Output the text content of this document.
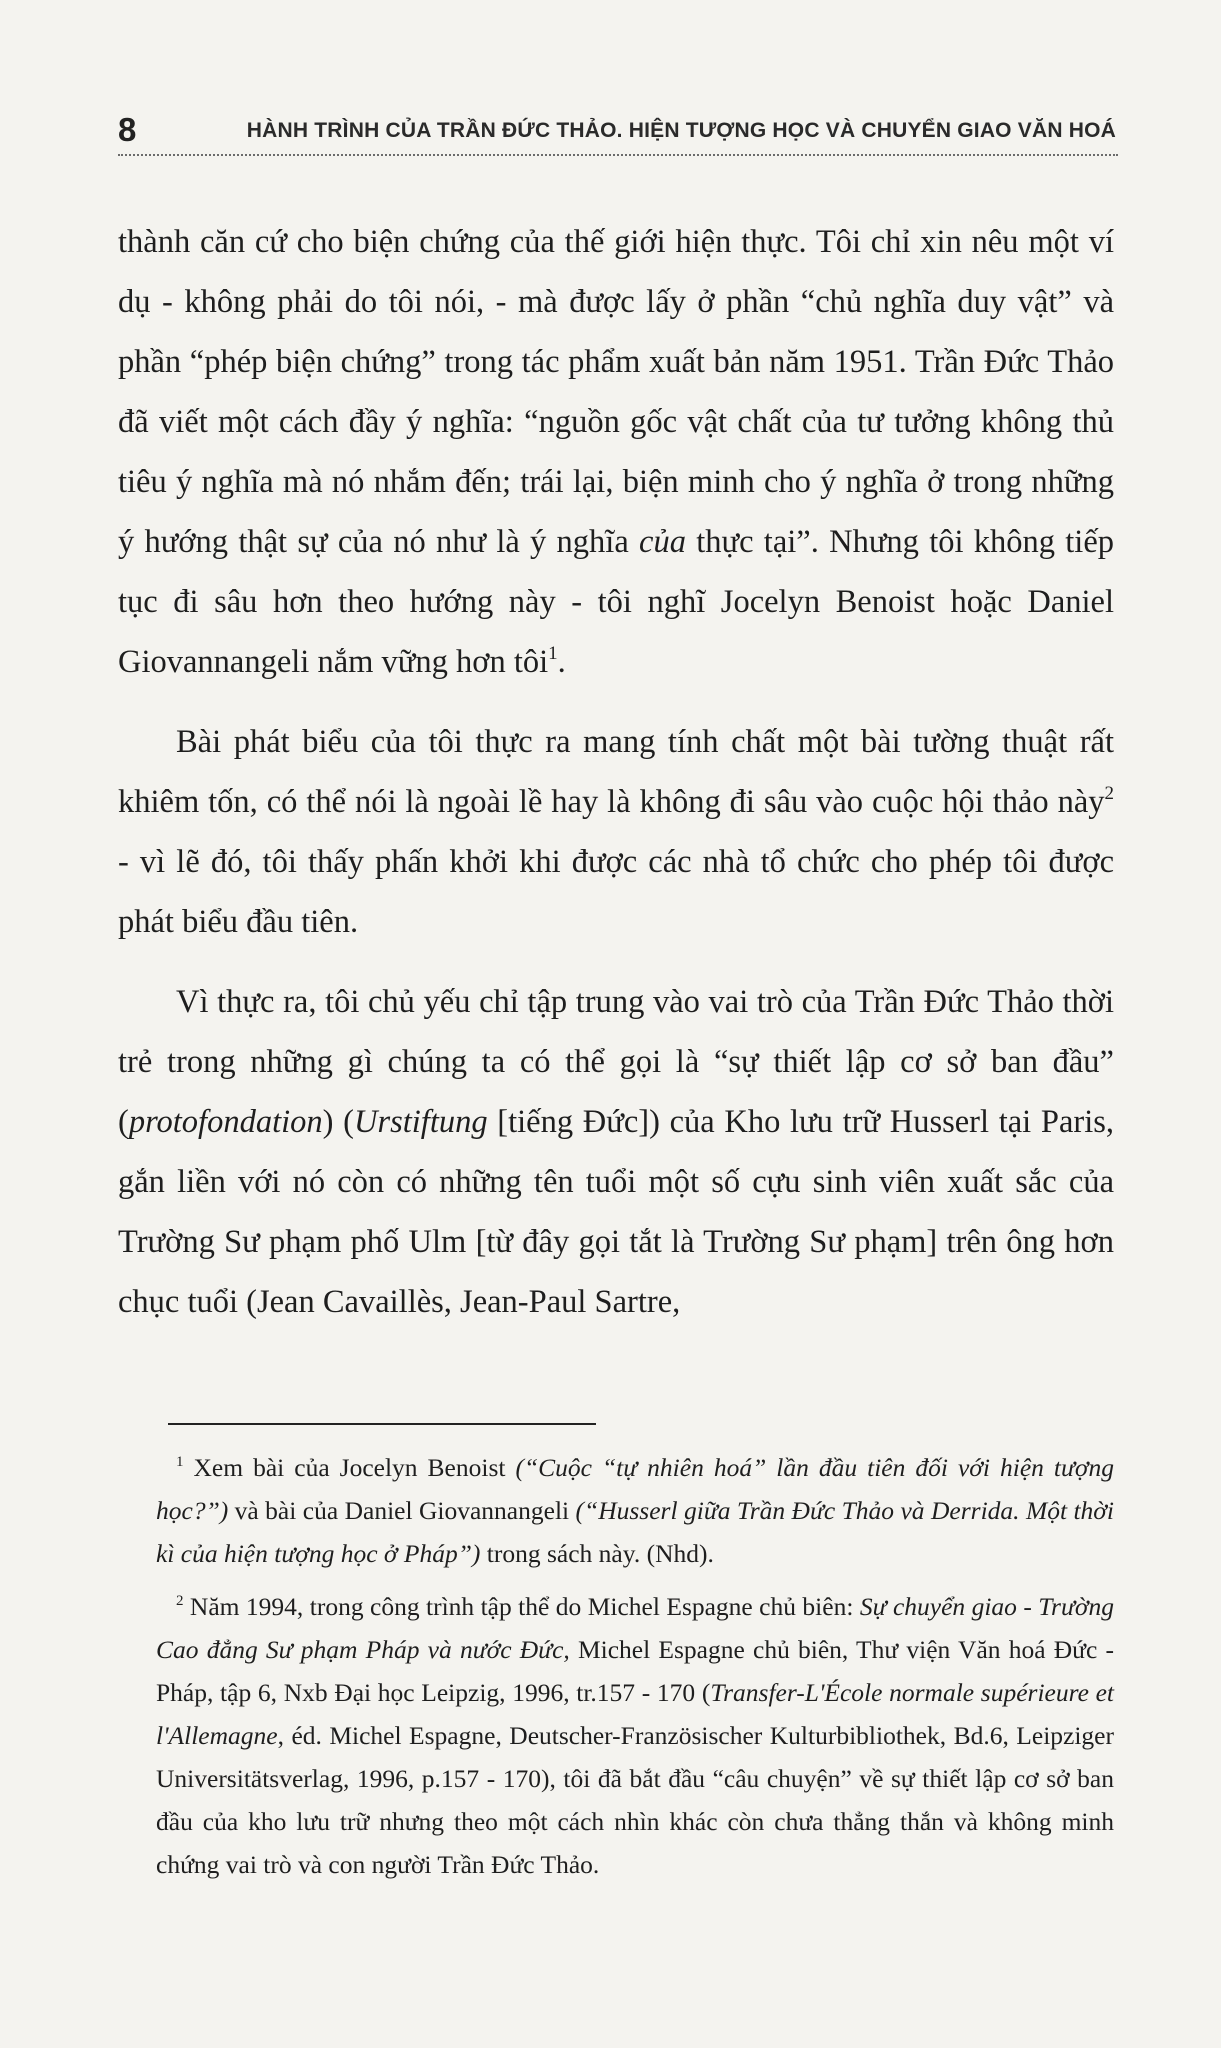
8	HÀNH TRÌNH CỦA TRẦN ĐỨC THẢO. HIỆN TƯỢNG HỌC VÀ CHUYỂN GIAO VĂN HOÁ

thành căn cứ cho biện chứng của thế giới hiện thực. Tôi chỉ xin nêu một ví dụ - không phải do tôi nói, - mà được lấy ở phần “chủ nghĩa duy vật” và phần “phép biện chứng” trong tác phẩm xuất bản năm 1951. Trần Đức Thảo đã viết một cách đầy ý nghĩa: “nguồn gốc vật chất của tư tưởng không thủ tiêu ý nghĩa mà nó nhắm đến; trái lại, biện minh cho ý nghĩa ở trong những ý hướng thật sự của nó như là ý nghĩa của thực tại”. Nhưng tôi không tiếp tục đi sâu hơn theo hướng này - tôi nghĩ Jocelyn Benoist hoặc Daniel Giovannangeli nắm vững hơn tôi$^1$.

Bài phát biểu của tôi thực ra mang tính chất một bài tường thuật rất khiêm tốn, có thể nói là ngoài lề hay là không đi sâu vào cuộc hội thảo này$^2$ - vì lẽ đó, tôi thấy phấn khởi khi được các nhà tổ chức cho phép tôi được phát biểu đầu tiên.

Vì thực ra, tôi chủ yếu chỉ tập trung vào vai trò của Trần Đức Thảo thời trẻ trong những gì chúng ta có thể gọi là “sự thiết lập cơ sở ban đầu” (protofondation) (Urstiftung [tiếng Đức]) của Kho lưu trữ Husserl tại Paris, gắn liền với nó còn có những tên tuổi một số cựu sinh viên xuất sắc của Trường Sư phạm phố Ulm [từ đây gọi tắt là Trường Sư phạm] trên ông hơn chục tuổi (Jean Cavaillès, Jean-Paul Sartre,

$^1$ Xem bài của Jocelyn Benoist (“Cuộc “tự nhiên hoá” lần đầu tiên đối với hiện tượng học?”) và bài của Daniel Giovannangeli (“Husserl giữa Trần Đức Thảo và Derrida. Một thời kì của hiện tượng học ở Pháp”) trong sách này. (Nhd).

$^2$ Năm 1994, trong công trình tập thể do Michel Espagne chủ biên: Sự chuyển giao - Trường Cao đẳng Sư phạm Pháp và nước Đức, Michel Espagne chủ biên, Thư viện Văn hoá Đức - Pháp, tập 6, Nxb Đại học Leipzig, 1996, tr.157 - 170 (Transfer-L'École normale supérieure et l'Allemagne, éd. Michel Espagne, Deutscher-Französischer Kulturbibliothek, Bd.6, Leipziger Universitätsverlag, 1996, p.157 - 170), tôi đã bắt đầu “câu chuyện” về sự thiết lập cơ sở ban đầu của kho lưu trữ nhưng theo một cách nhìn khác còn chưa thẳng thắn và không minh chứng vai trò và con người Trần Đức Thảo.
